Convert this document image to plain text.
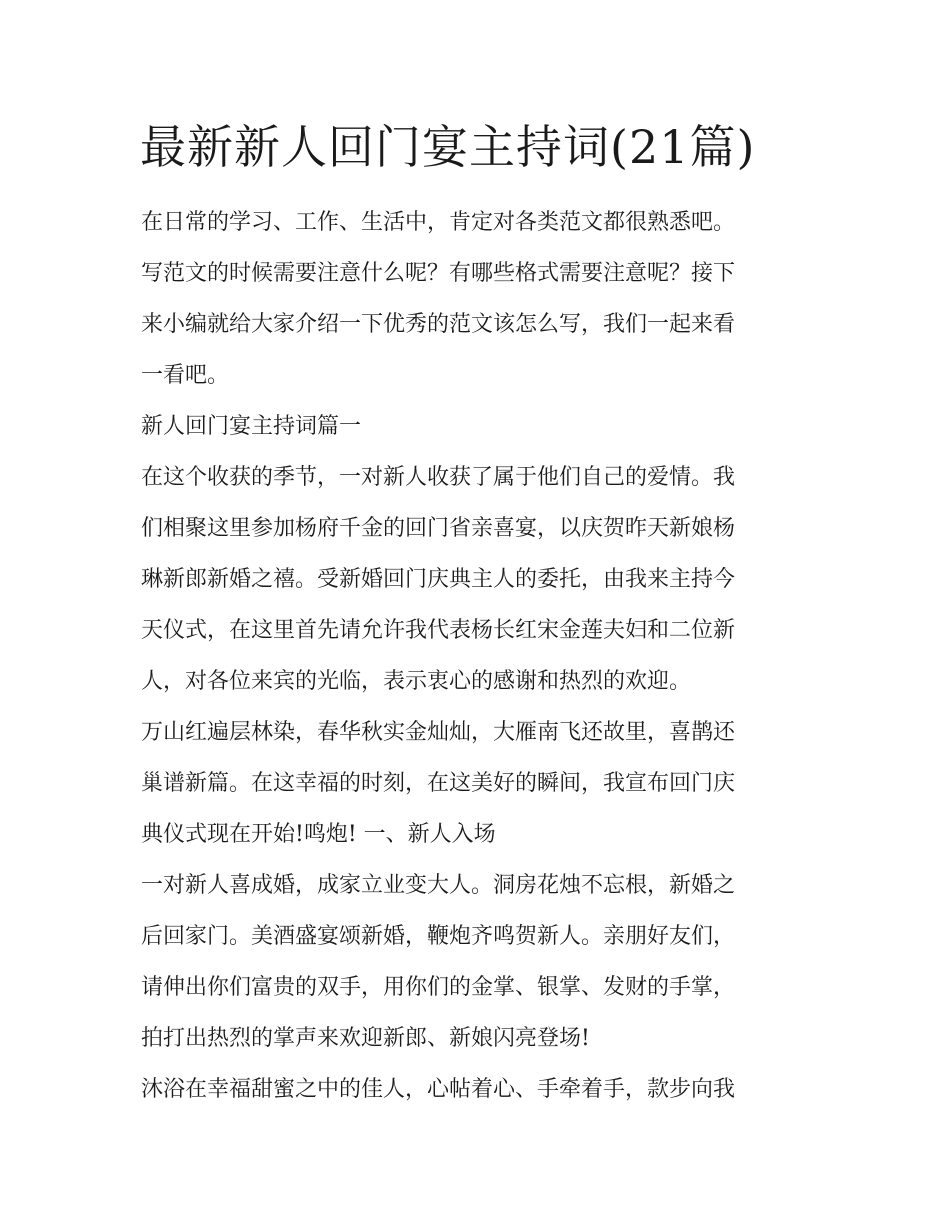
最新新人回门宴主持词(21篇)

在日常的学习、工作、生活中，肯定对各类范文都很熟悉吧。

写范文的时候需要注意什么呢？有哪些格式需要注意呢？接下

来小编就给大家介绍一下优秀的范文该怎么写，我们一起来看

一看吧。

新人回门宴主持词篇一

在这个收获的季节，一对新人收获了属于他们自己的爱情。我

们相聚这里参加杨府千金的回门省亲喜宴，以庆贺昨天新娘杨

琳新郎新婚之禧。受新婚回门庆典主人的委托，由我来主持今

天仪式，在这里首先请允许我代表杨长红宋金莲夫妇和二位新

人，对各位来宾的光临，表示衷心的感谢和热烈的欢迎。

万山红遍层林染，春华秋实金灿灿，大雁南飞还故里，喜鹊还

巢谱新篇。在这幸福的时刻，在这美好的瞬间，我宣布回门庆

典仪式现在开始!鸣炮! 一、新人入场

一对新人喜成婚，成家立业变大人。洞房花烛不忘根，新婚之

后回家门。美酒盛宴颂新婚，鞭炮齐鸣贺新人。亲朋好友们，

请伸出你们富贵的双手，用你们的金掌、银掌、发财的手掌，

拍打出热烈的掌声来欢迎新郎、新娘闪亮登场!

沐浴在幸福甜蜜之中的佳人，心帖着心、手牵着手，款步向我
